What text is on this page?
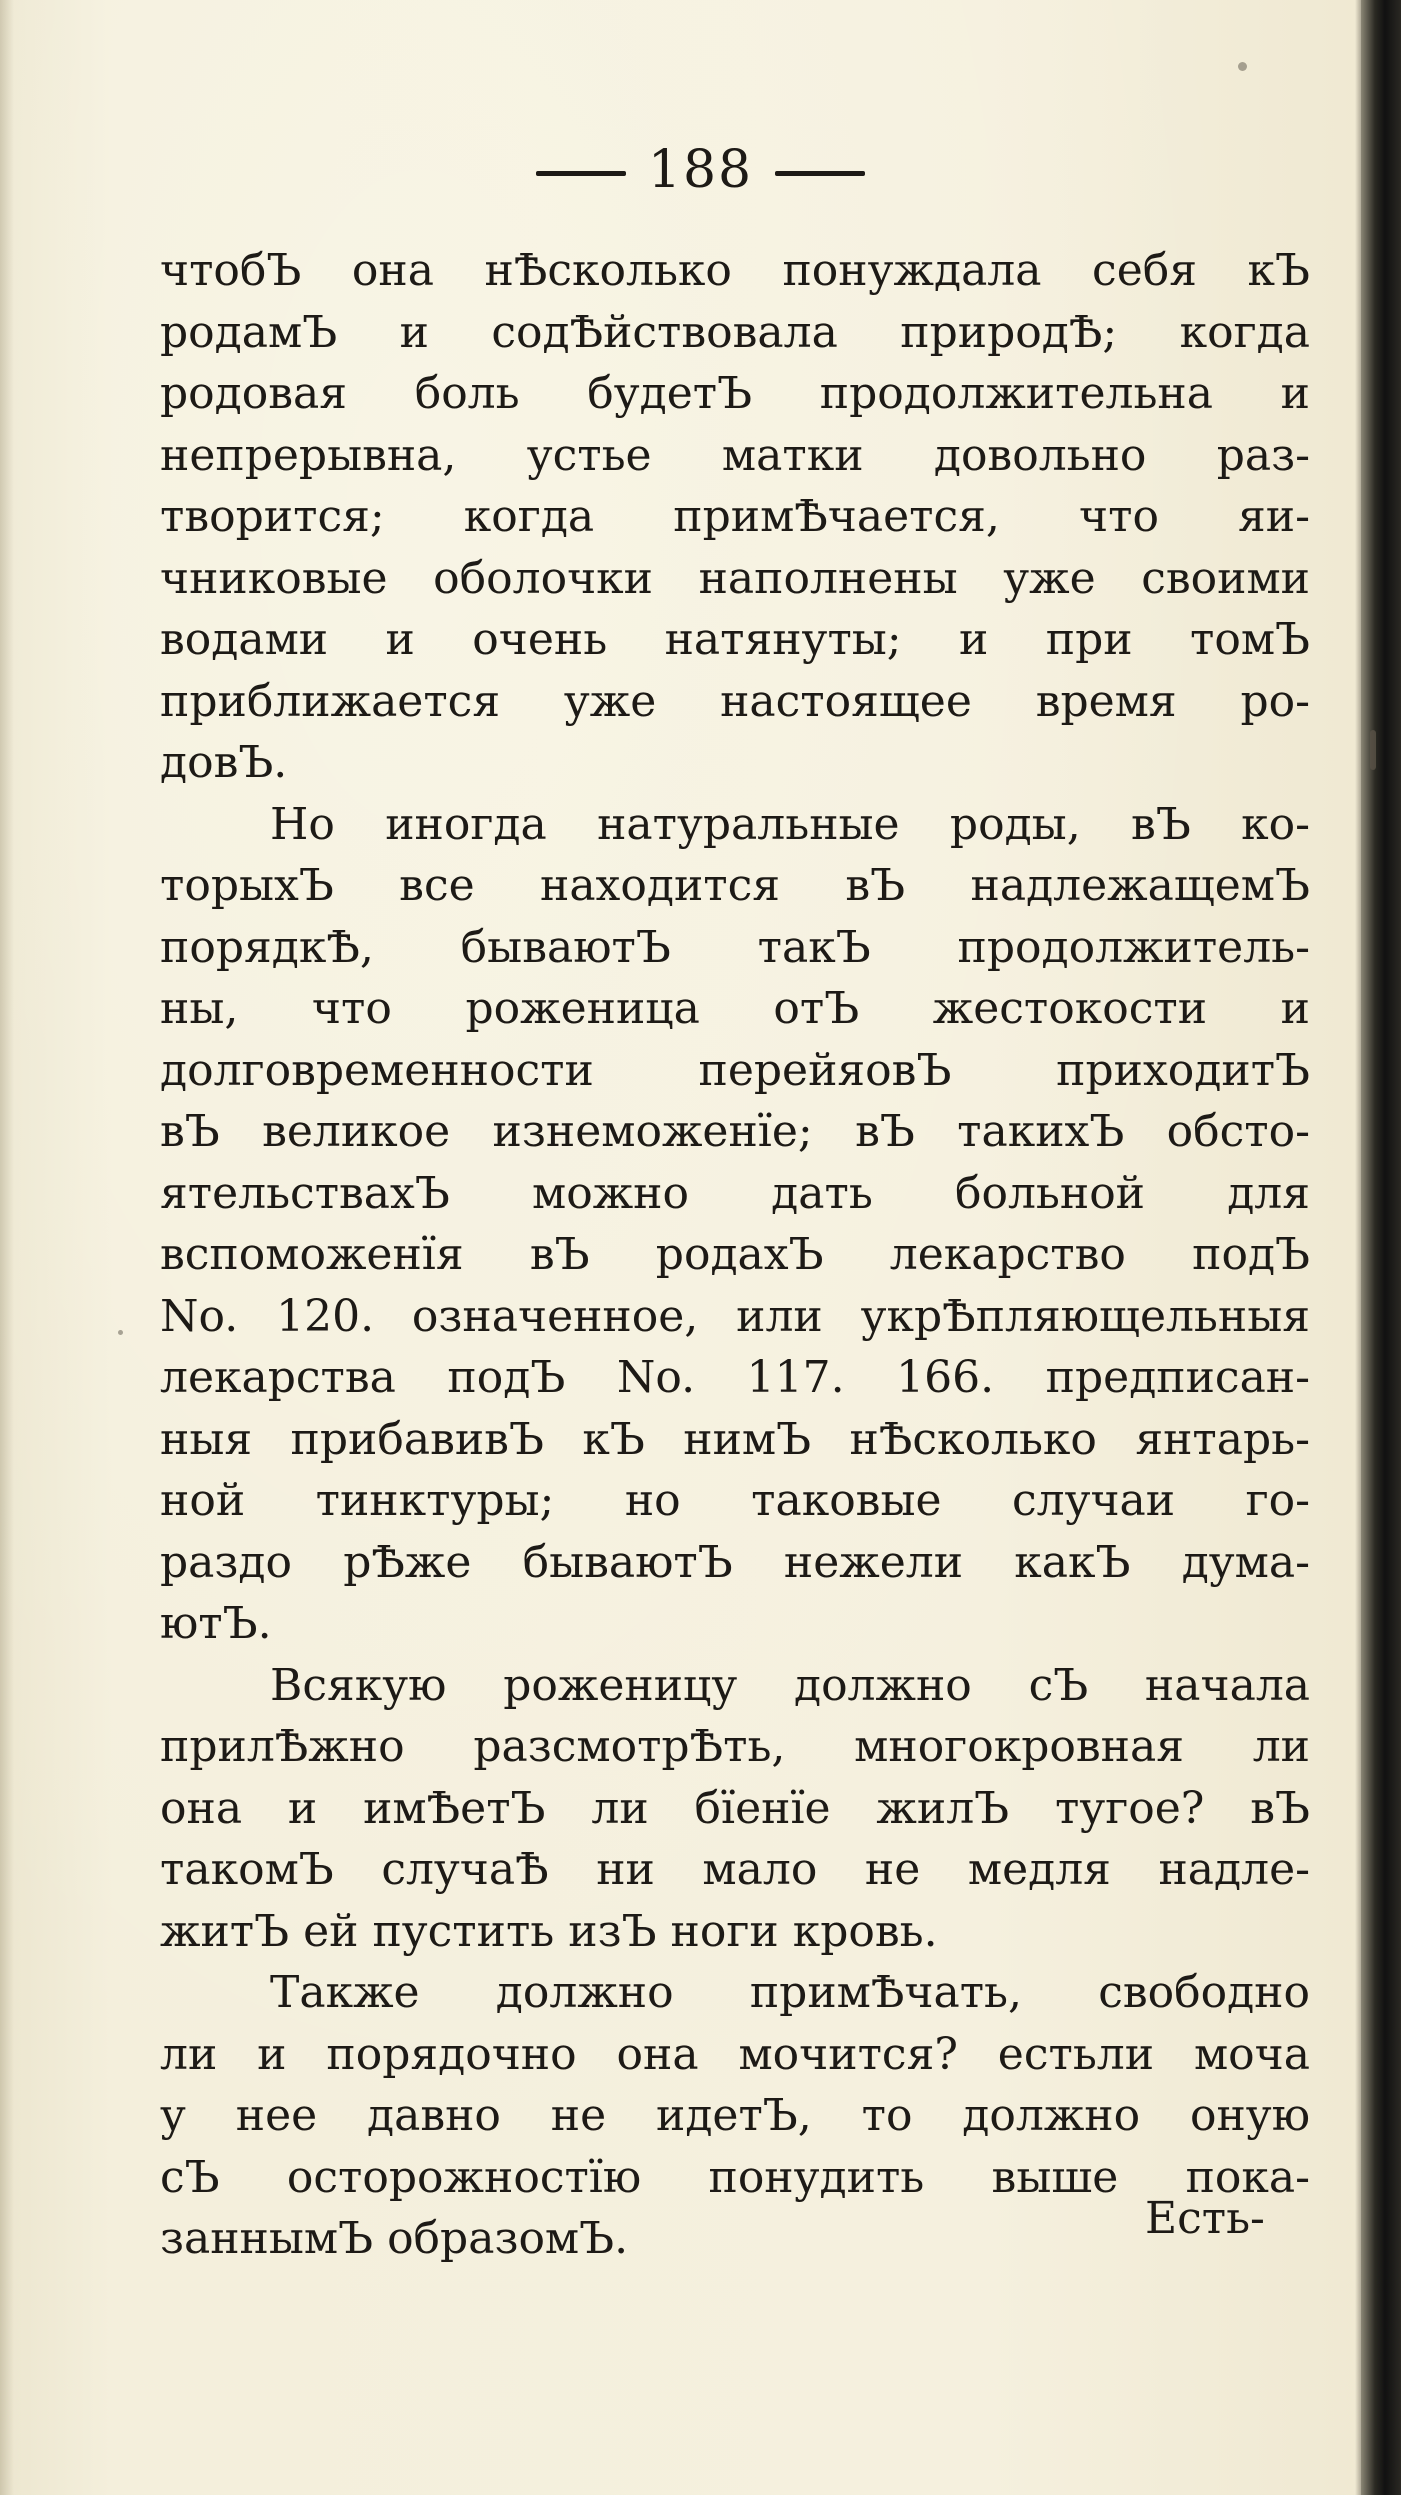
188
чтобЪ она нѢсколько понуждала себя кЪ
родамЪ и содѢйствовала природѢ; когда
родовая боль будетЪ продолжительна и
непрерывна, устье матки довольно раз-
творится; когда примѢчается, что яи-
чниковые оболочки наполнены уже своими
водами и очень натянуты; и при томЪ
приближается уже настоящее время ро-
довЪ.
Но иногда натуральные роды, вЪ ко-
торыхЪ все находится вЪ надлежащемЪ
порядкѢ, бываютЪ такЪ продолжитель-
ны, что роженица отЪ жестокости и
долговременности перейяовЪ приходитЪ
вЪ великое изнеможенïе; вЪ такихЪ обсто-
ятельствахЪ можно дать больной для
вспоможенïя вЪ родахЪ лекарство подЪ
No. 120. означенное, или укрѢпляющельныя
лекарства подЪ No. 117. 166. предписан-
ныя прибавивЪ кЪ нимЪ нѢсколько янтарь-
ной тинктуры; но таковые случаи го-
раздо рѢже бываютЪ нежели какЪ дума-
ютЪ.
Всякую роженицу должно сЪ начала
прилѢжно разсмотрѢть, многокровная ли
она и имѢетЪ ли бïенïе жилЪ тугое? вЪ
такомЪ случаѢ ни мало не медля надле-
житЪ ей пустить изЪ ноги кровь.
Также должно примѢчать, свободно
ли и порядочно она мочится? естьли моча
у нее давно не идетЪ, то должно оную
сЪ осторожностïю понудить выше пока-
заннымЪ образомЪ.	Есть-
